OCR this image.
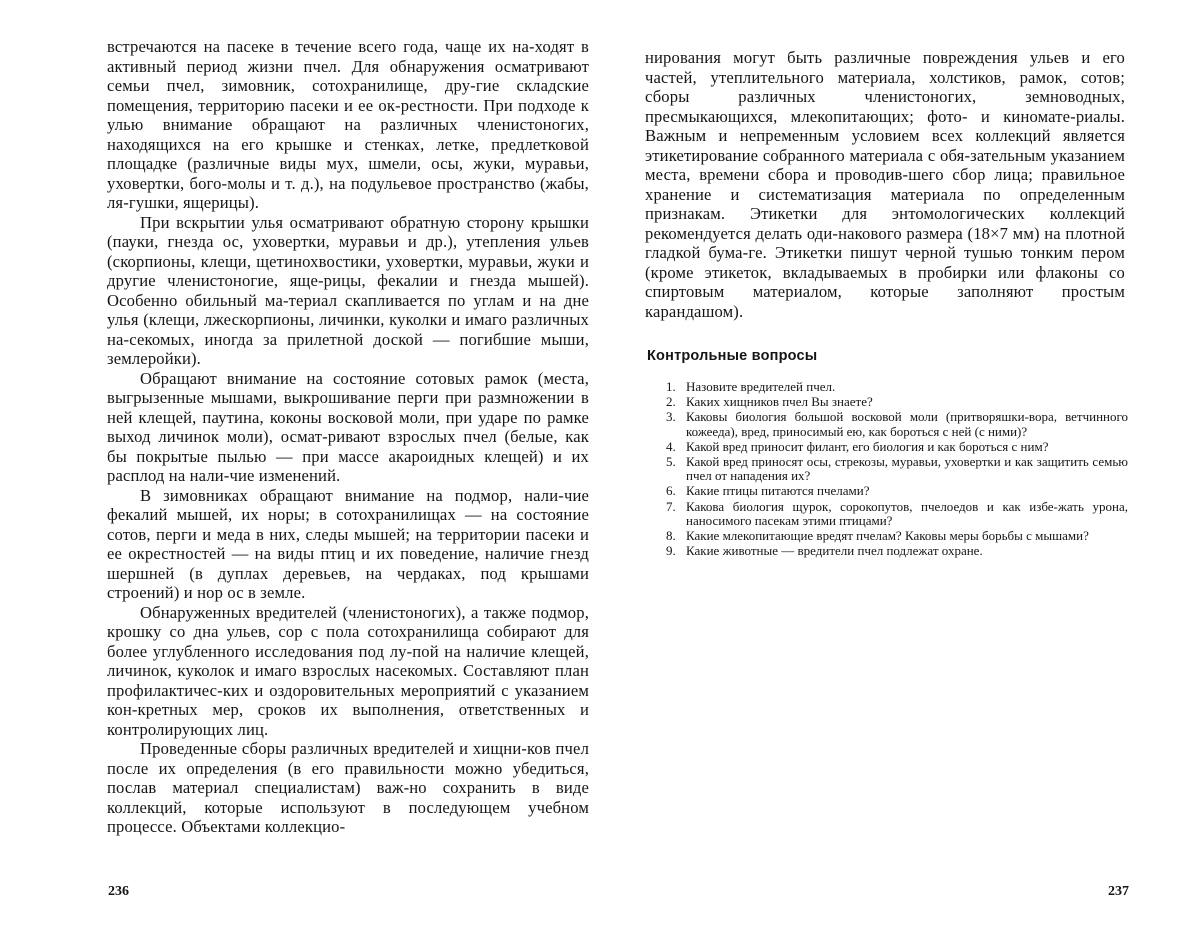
встречаются на пасеке в течение всего года, чаще их на-ходят в активный период жизни пчел. Для обнаружения осматривают семьи пчел, зимовник, сотохранилище, дру-гие складские помещения, территорию пасеки и ее ок-рестности. При подходе к улью внимание обращают на различных членистоногих, находящихся на его крышке и стенках, летке, предлетковой площадке (различные виды мух, шмели, осы, жуки, муравьи, уховертки, бого-молы и т. д.), на подульевое пространство (жабы, ля-гушки, ящерицы).

При вскрытии улья осматривают обратную сторону крышки (пауки, гнезда ос, уховертки, муравьи и др.), утепления ульев (скорпионы, клещи, щетинохвостики, уховертки, муравьи, жуки и другие членистоногие, яще-рицы, фекалии и гнезда мышей). Особенно обильный ма-териал скапливается по углам и на дне улья (клещи, лжескорпионы, личинки, куколки и имаго различных на-секомых, иногда за прилетной доской — погибшие мыши, землеройки).

Обращают внимание на состояние сотовых рамок (места, выгрызенные мышами, выкрошивание перги при размножении в ней клещей, паутина, коконы восковой моли, при ударе по рамке выход личинок моли), осмат-ривают взрослых пчел (белые, как бы покрытые пылью — при массе акароидных клещей) и их расплод на нали-чие изменений.

В зимовниках обращают внимание на подмор, нали-чие фекалий мышей, их норы; в сотохранилищах — на состояние сотов, перги и меда в них, следы мышей; на территории пасеки и ее окрестностей — на виды птиц и их поведение, наличие гнезд шершней (в дуплах деревьев, на чердаках, под крышами строений) и нор ос в земле.

Обнаруженных вредителей (членистоногих), а также подмор, крошку со дна ульев, сор с пола сотохранилища собирают для более углубленного исследования под лу-пой на наличие клещей, личинок, куколок и имаго взрослых насекомых. Составляют план профилактичес-ких и оздоровительных мероприятий с указанием кон-кретных мер, сроков их выполнения, ответственных и контролирующих лиц.

Проведенные сборы различных вредителей и хищни-ков пчел после их определения (в его правильности можно убедиться, послав материал специалистам) важ-но сохранить в виде коллекций, которые используют в последующем учебном процессе. Объектами коллекцио-

236

нирования могут быть различные повреждения ульев и его частей, утеплительного материала, холстиков, рамок, сотов; сборы различных членистоногих, земноводных, пресмыкающихся, млекопитающих; фото- и киномате-риалы. Важным и непременным условием всех коллекций является этикетирование собранного материала с обя-зательным указанием места, времени сбора и проводив-шего сбор лица; правильное хранение и систематизация материала по определенным признакам. Этикетки для энтомологических коллекций рекомендуется делать оди-накового размера (18×7 мм) на плотной гладкой бума-ге. Этикетки пишут черной тушью тонким пером (кроме этикеток, вкладываемых в пробирки или флаконы со спиртовым материалом, которые заполняют простым карандашом).

Контрольные вопросы
1. Назовите вредителей пчел.
2. Каких хищников пчел Вы знаете?
3. Каковы биология большой восковой моли (притворяшки-вора, ветчинного кожееда), вред, приносимый ею, как бороться с ней (с ними)?
4. Какой вред приносит филант, его биология и как бороться с ним?
5. Какой вред приносят осы, стрекозы, муравьи, уховертки и как защитить семью пчел от нападения их?
6. Какие птицы питаются пчелами?
7. Какова биология щурок, сорокопутов, пчелоедов и как избе-жать урона, наносимого пасекам этими птицами?
8. Какие млекопитающие вредят пчелам? Каковы меры борьбы с мышами?
9. Какие животные — вредители пчел подлежат охране.
237
